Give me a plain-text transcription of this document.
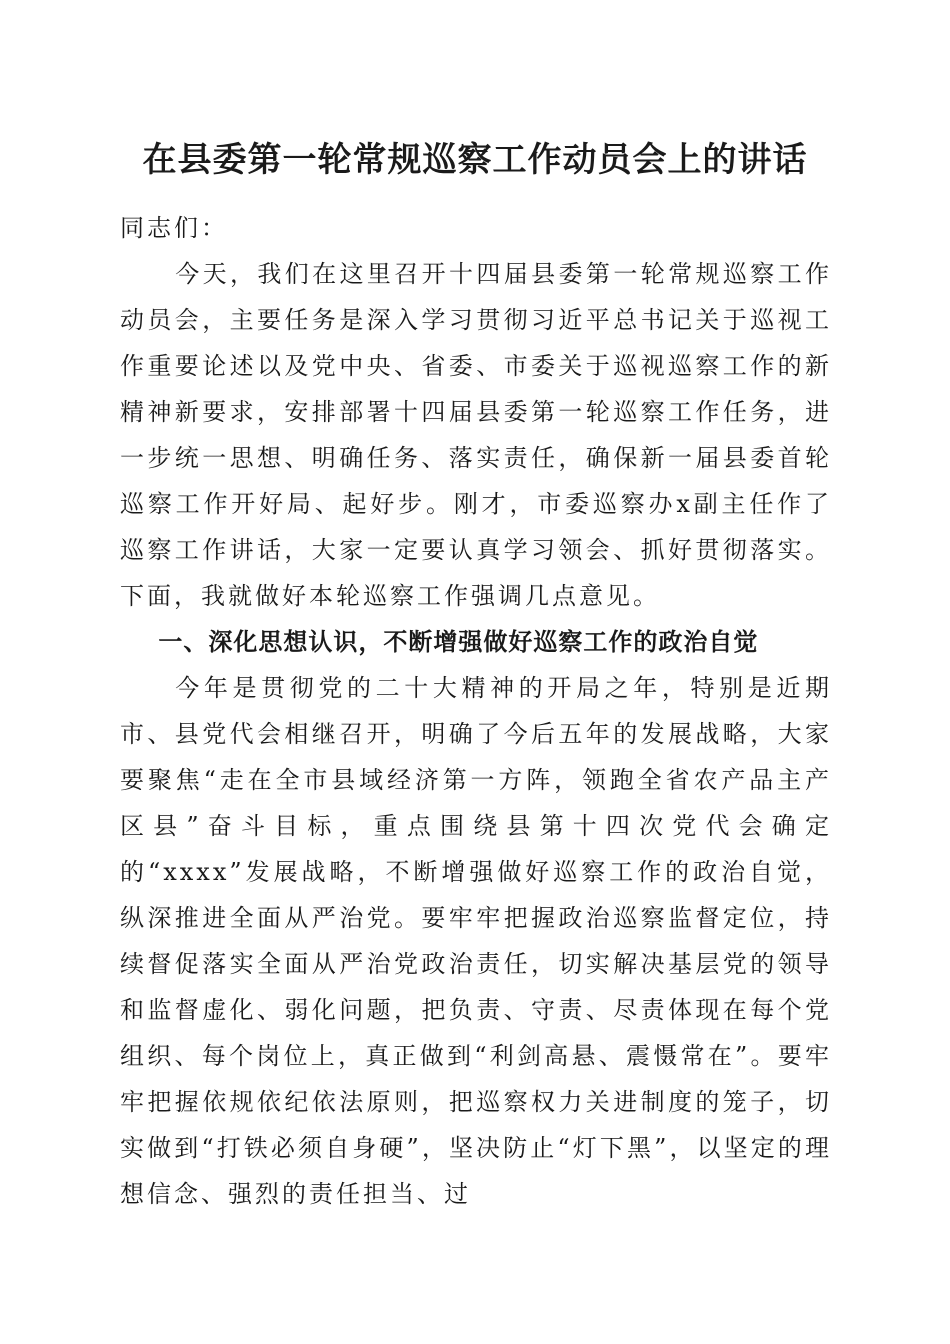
在县委第一轮常规巡察工作动员会上的讲话

同志们：

今天，我们在这里召开十四届县委第一轮常规巡察工作动员会，主要任务是深入学习贯彻习近平总书记关于巡视工作重要论述以及党中央、省委、市委关于巡视巡察工作的新精神新要求，安排部署十四届县委第一轮巡察工作任务，进一步统一思想、明确任务、落实责任，确保新一届县委首轮巡察工作开好局、起好步。刚才，市委巡察办x副主任作了巡察工作讲话，大家一定要认真学习领会、抓好贯彻落实。下面，我就做好本轮巡察工作强调几点意见。

一、深化思想认识，不断增强做好巡察工作的政治自觉

今年是贯彻党的二十大精神的开局之年，特别是近期市、县党代会相继召开，明确了今后五年的发展战略，大家要聚焦“走在全市县域经济第一方阵，领跑全省农产品主产区县”奋斗目标，重点围绕县第十四次党代会确定的“xxxx”发展战略，不断增强做好巡察工作的政治自觉，纵深推进全面从严治党。要牢牢把握政治巡察监督定位，持续督促落实全面从严治党政治责任，切实解决基层党的领导和监督虚化、弱化问题，把负责、守责、尽责体现在每个党组织、每个岗位上，真正做到“利剑高悬、震慑常在”。要牢牢把握依规依纪依法原则，把巡察权力关进制度的笼子，切实做到“打铁必须自身硬”，坚决防止“灯下黑”，以坚定的理想信念、强烈的责任担当、过
